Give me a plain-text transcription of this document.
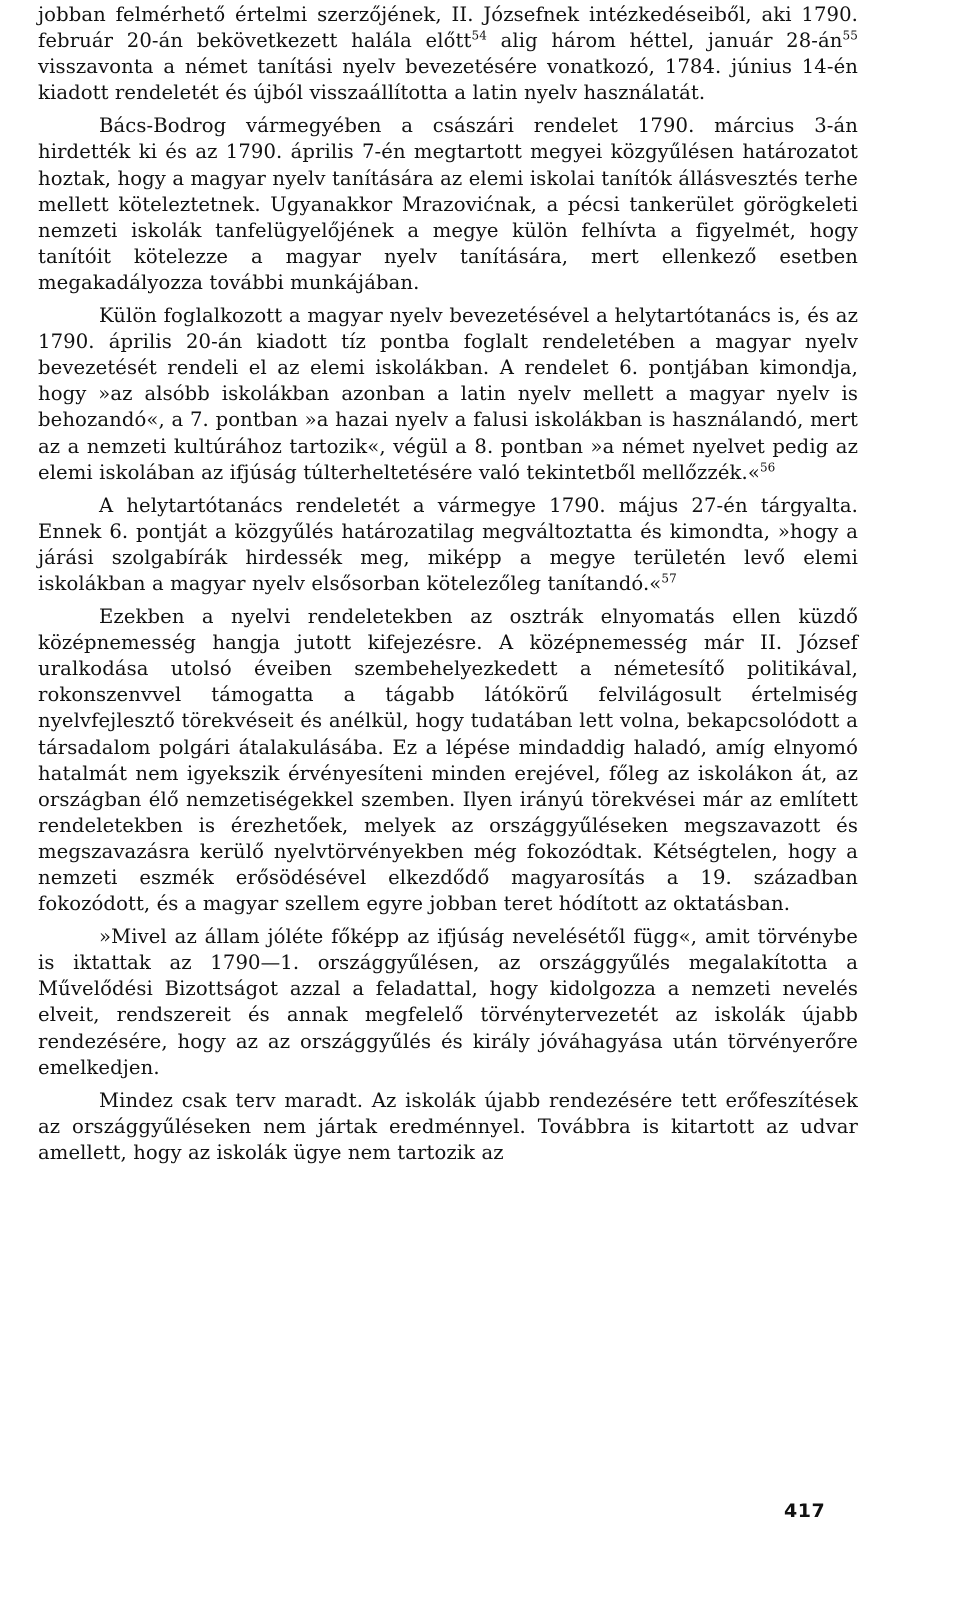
jobban felmérhető értelmi szerzőjének, II. Józsefnek intézkedéseiből, aki 1790. február 20-án bekövetkezett halála előtt$^{54}$ alig három héttel, január 28-án$^{55}$ visszavonta a német tanítási nyelv bevezetésére vonatkozó, 1784. június 14-én kiadott rendeletét és újból visszaállította a latin nyelv használatát.

Bács-Bodrog vármegyében a császári rendelet 1790. március 3-án hirdették ki és az 1790. április 7-én megtartott megyei közgyűlésen határozatot hoztak, hogy a magyar nyelv tanítására az elemi iskolai tanítók állásvesztés terhe mellett köteleztetnek. Ugyanakkor Mrazovićnak, a pécsi tankerület görögkeleti nemzeti iskolák tanfelügyelőjének a megye külön felhívta a figyelmét, hogy tanítóit kötelezze a magyar nyelv tanítására, mert ellenkező esetben megakadályozza további munkájában.

Külön foglalkozott a magyar nyelv bevezetésével a helytartótanács is, és az 1790. április 20-án kiadott tíz pontba foglalt rendeletében a magyar nyelv bevezetését rendeli el az elemi iskolákban. A rendelet 6. pontjában kimondja, hogy »az alsóbb iskolákban azonban a latin nyelv mellett a magyar nyelv is behozandó«, a 7. pontban »a hazai nyelv a falusi iskolákban is használandó, mert az a nemzeti kultúrához tartozik«, végül a 8. pontban »a német nyelvet pedig az elemi iskolában az ifjúság túlterheltetésére való tekintetből mellőzzék.«$^{56}$

A helytartótanács rendeletét a vármegye 1790. május 27-én tárgyalta. Ennek 6. pontját a közgyűlés határozatilag megváltoztatta és kimondta, »hogy a járási szolgabírák hirdessék meg, miképp a megye területén levő elemi iskolákban a magyar nyelv elsősorban kötelezőleg tanítandó.«$^{57}$

Ezekben a nyelvi rendeletekben az osztrák elnyomatás ellen küzdő középnemesség hangja jutott kifejezésre. A középnemesség már II. József uralkodása utolsó éveiben szembehelyezkedett a németesítő politikával, rokonszenvvel támogatta a tágabb látókörű felvilágosult értelmiség nyelvfejlesztő törekvéseit és anélkül, hogy tudatában lett volna, bekapcsolódott a társadalom polgári átalakulásába. Ez a lépése mindaddig haladó, amíg elnyomó hatalmát nem igyekszik érvényesíteni minden erejével, főleg az iskolákon át, az országban élő nemzetiségekkel szemben. Ilyen irányú törekvései már az említett rendeletekben is érezhetőek, melyek az országgyűléseken megszavazott és megszavazásra kerülő nyelvtörvényekben még fokozódtak. Kétségtelen, hogy a nemzeti eszmék erősödésével elkezdődő magyarosítás a 19. században fokozódott, és a magyar szellem egyre jobban teret hódított az oktatásban.

»Mivel az állam jóléte főképp az ifjúság nevelésétől függ«, amit törvénybe is iktattak az 1790—1. országgyűlésen, az országgyűlés megalakította a Művelődési Bizottságot azzal a feladattal, hogy kidolgozza a nemzeti nevelés elveit, rendszereit és annak megfelelő törvénytervezetét az iskolák újabb rendezésére, hogy az az országgyűlés és király jóváhagyása után törvényerőre emelkedjen.

Mindez csak terv maradt. Az iskolák újabb rendezésére tett erőfeszítések az országgyűléseken nem jártak eredménnyel. Továbbra is kitartott az udvar amellett, hogy az iskolák ügye nem tartozik az

417
